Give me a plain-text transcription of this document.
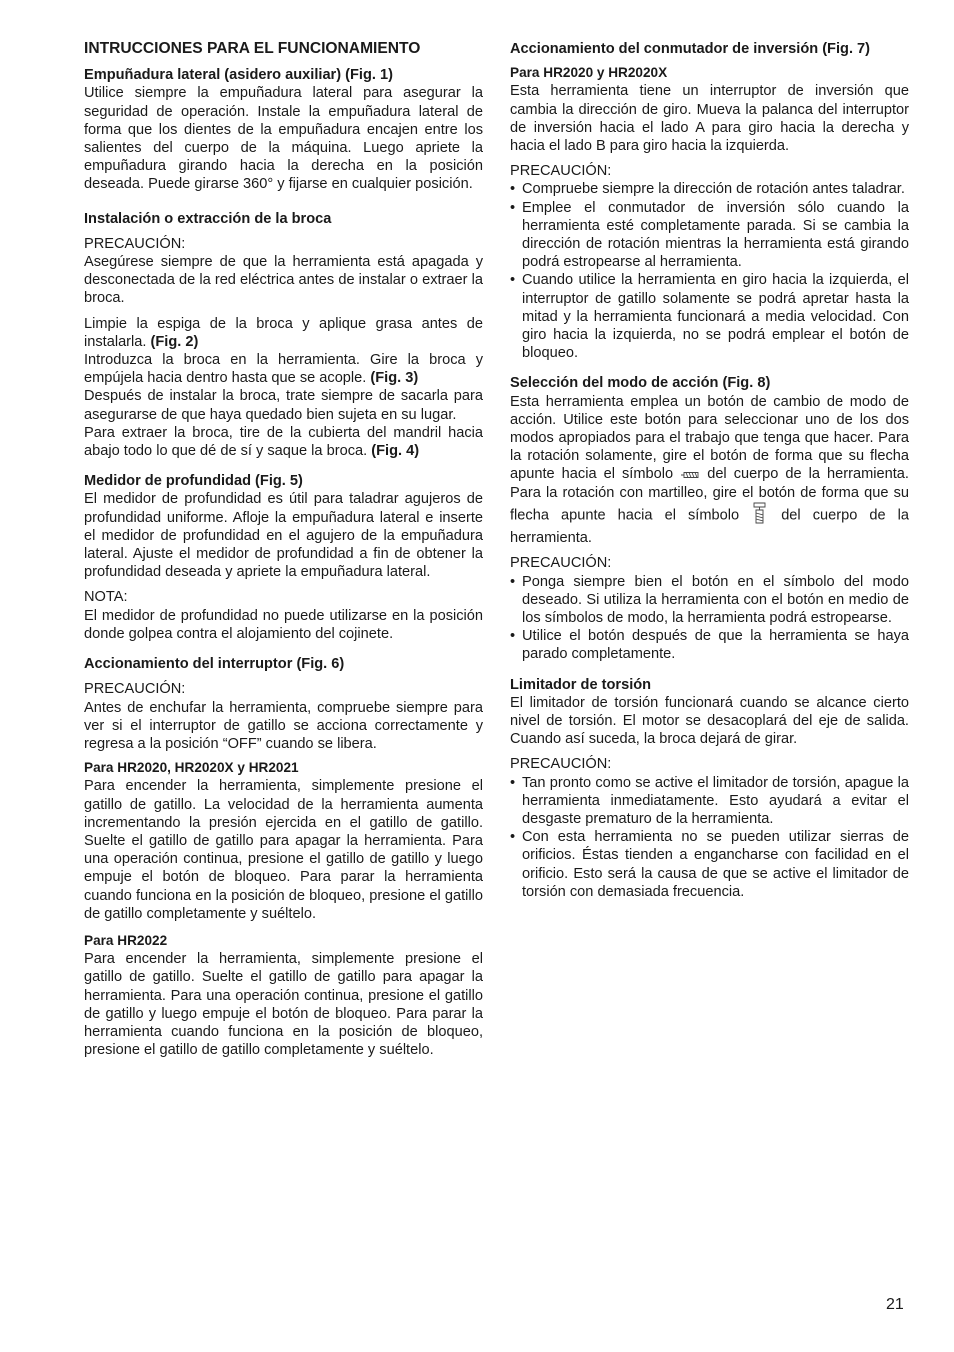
INTRUCCIONES PARA EL FUNCIONAMIENTO
Empuñadura lateral (asidero auxiliar) (Fig. 1)

Utilice siempre la empuñadura lateral para asegurar la seguridad de operación. Instale la empuñadura lateral de forma que los dientes de la empuñadura encajen entre los salientes del cuerpo de la máquina. Luego apriete la empuñadura girando hacia la derecha en la posición deseada. Puede girarse 360° y fijarse en cualquier posición.

Instalación o extracción de la broca

PRECAUCIÓN:

Asegúrese siempre de que la herramienta está apagada y desconectada de la red eléctrica antes de instalar o extraer la broca.

Limpie la espiga de la broca y aplique grasa antes de instalarla. (Fig. 2)

Introduzca la broca en la herramienta. Gire la broca y empújela hacia dentro hasta que se acople. (Fig. 3)

Después de instalar la broca, trate siempre de sacarla para asegurarse de que haya quedado bien sujeta en su lugar.

Para extraer la broca, tire de la cubierta del mandril hacia abajo todo lo que dé de sí y saque la broca. (Fig. 4)

Medidor de profundidad (Fig. 5)

El medidor de profundidad es útil para taladrar agujeros de profundidad uniforme. Afloje la empuñadura lateral e inserte el medidor de profundidad en el agujero de la empuñadura lateral. Ajuste el medidor de profundidad a fin de obtener la profundidad deseada y apriete la empuñadura lateral.

NOTA:

El medidor de profundidad no puede utilizarse en la posición donde golpea contra el alojamiento del cojinete.

Accionamiento del interruptor (Fig. 6)

PRECAUCIÓN:

Antes de enchufar la herramienta, compruebe siempre para ver si el interruptor de gatillo se acciona correctamente y regresa a la posición “OFF” cuando se libera.

Para HR2020, HR2020X y HR2021

Para encender la herramienta, simplemente presione el gatillo de gatillo. La velocidad de la herramienta aumenta incrementando la presión ejercida en el gatillo de gatillo. Suelte el gatillo de gatillo para apagar la herramienta. Para una operación continua, presione el gatillo de gatillo y luego empuje el botón de bloqueo. Para parar la herramienta cuando funciona en la posición de bloqueo, presione el gatillo de gatillo completamente y suéltelo.

Para HR2022

Para encender la herramienta, simplemente presione el gatillo de gatillo. Suelte el gatillo de gatillo para apagar la herramienta. Para una operación continua, presione el gatillo de gatillo y luego empuje el botón de bloqueo. Para parar la herramienta cuando funciona en la posición de bloqueo, presione el gatillo de gatillo completamente y suéltelo.

Accionamiento del conmutador de inversión (Fig. 7)
Para HR2020 y HR2020X

Esta herramienta tiene un interruptor de inversión que cambia la dirección de giro. Mueva la palanca del interruptor de inversión hacia el lado A para giro hacia la derecha y hacia el lado B para giro hacia la izquierda.

PRECAUCIÓN:

• Compruebe siempre la dirección de rotación antes taladrar.
• Emplee el conmutador de inversión sólo cuando la herramienta esté completamente parada. Si se cambia la dirección de rotación mientras la herramienta está girando podrá estropearse al herramienta.
• Cuando utilice la herramienta en giro hacia la izquierda, el interruptor de gatillo solamente se podrá apretar hasta la mitad y la herramienta funcionará a media velocidad. Con giro hacia la izquierda, no se podrá emplear el botón de bloqueo.
Selección del modo de acción (Fig. 8)

Esta herramienta emplea un botón de cambio de modo de acción. Utilice este botón para seleccionar uno de los dos modos apropiados para el trabajo que tenga que hacer. Para la rotación solamente, gire el botón de forma que su flecha apunte hacia el símbolo del cuerpo de la herramienta. Para la rotación con martilleo, gire el botón de forma que su flecha apunte hacia el símbolo	del cuerpo de la herramienta.

PRECAUCIÓN:

• Ponga siempre bien el botón en el símbolo del modo deseado. Si utiliza la herramienta con el botón en medio de los símbolos de modo, la herramienta podrá estropearse.
• Utilice el botón después de que la herramienta se haya parado completamente.
Limitador de torsión

El limitador de torsión funcionará cuando se alcance cierto nivel de torsión. El motor se desacoplará del eje de salida. Cuando así suceda, la broca dejará de girar.

PRECAUCIÓN:

• Tan pronto como se active el limitador de torsión, apague la herramienta inmediatamente. Esto ayudará a evitar el desgaste prematuro de la herramienta.
• Con esta herramienta no se pueden utilizar sierras de orificios. Éstas tienden a engancharse con facilidad en el orificio. Esto será la causa de que se active el limitador de torsión con demasiada frecuencia.
21
